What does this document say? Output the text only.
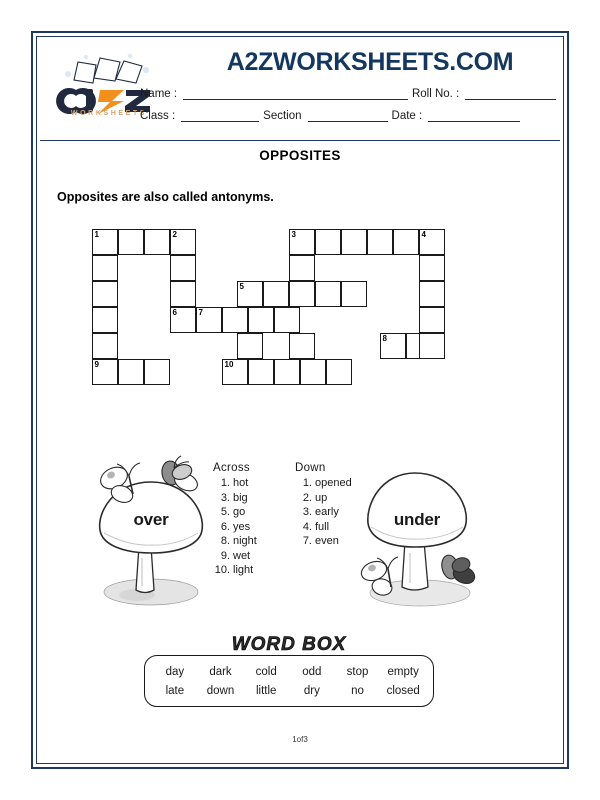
WORKSHEETS
A2ZWORKSHEETS.COM
Name :	Roll No. :
Class :	Section	Date :
OPPOSITES
Opposites are also called antonyms.
1	2	3	4
5
6	7
8
9	10
Across
1. hot
3. big
5. go
6. yes
8. night
9. wet
10. light
Down
1. opened
2. up
3. early
4. full
7. even
over	under
WORD BOX
day	dark	cold	odd	stop	empty
late	down	little	dry	no	closed
1of3
